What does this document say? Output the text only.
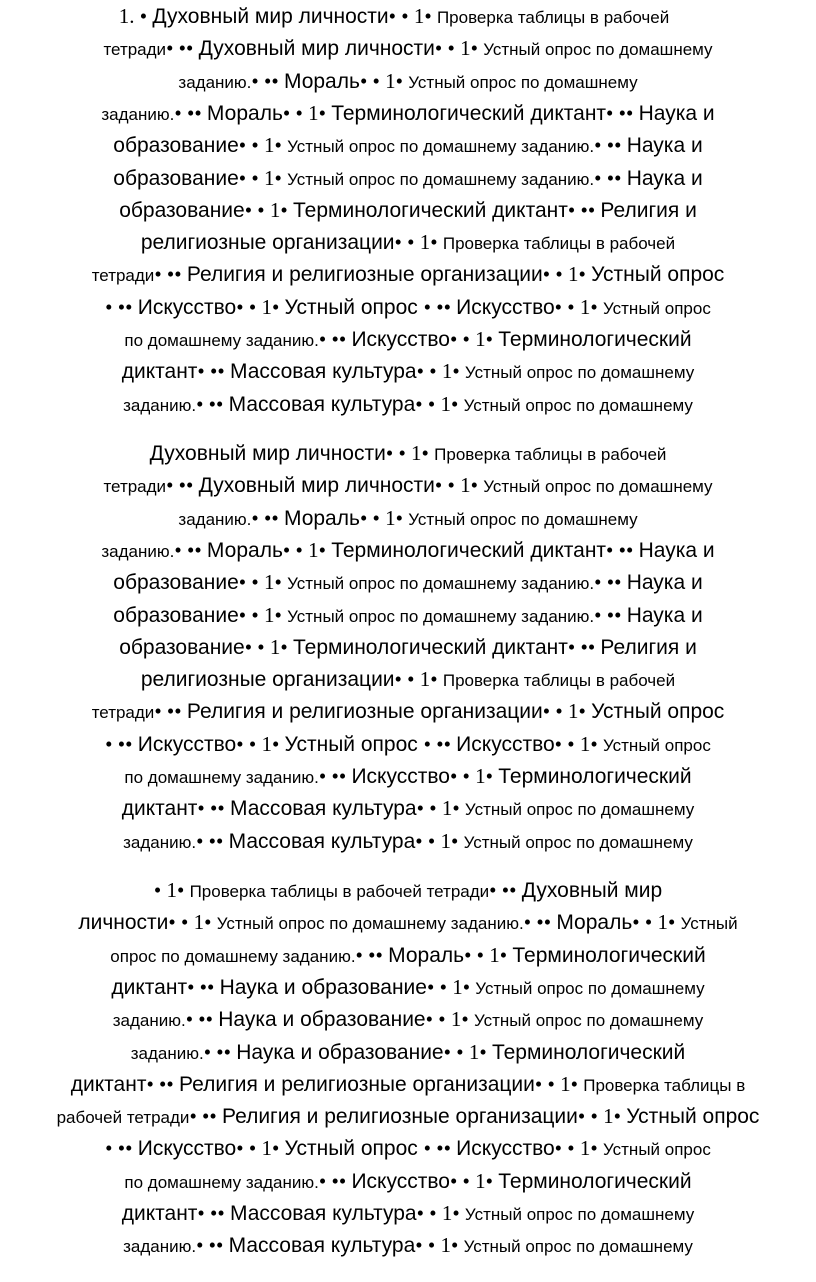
1. • Духовный мир личности• • 1• Проверка таблицы в рабочей
тетради• •• Духовный мир личности• • 1• Устный опрос по домашнему
заданию.• •• Мораль• • 1• Устный опрос по домашнему
заданию.• •• Мораль• • 1• Терминологический диктант• •• Наука и
образование• • 1• Устный опрос по домашнему заданию.• •• Наука и
образование• • 1• Устный опрос по домашнему заданию.• •• Наука и
образование• • 1• Терминологический диктант• •• Религия и
религиозные организации• • 1• Проверка таблицы в рабочей
тетради• •• Религия и религиозные организации• • 1• Устный опрос
• •• Искусство• • 1• Устный опрос • •• Искусство• • 1• Устный опрос
по домашнему заданию.• •• Искусство• • 1• Терминологический
диктант• •• Массовая культура• • 1• Устный опрос по домашнему
заданию.• •• Массовая культура• • 1• Устный опрос по домашнему
Духовный мир личности• • 1• Проверка таблицы в рабочей
тетради• •• Духовный мир личности• • 1• Устный опрос по домашнему
заданию.• •• Мораль• • 1• Устный опрос по домашнему
заданию.• •• Мораль• • 1• Терминологический диктант• •• Наука и
образование• • 1• Устный опрос по домашнему заданию.• •• Наука и
образование• • 1• Устный опрос по домашнему заданию.• •• Наука и
образование• • 1• Терминологический диктант• •• Религия и
религиозные организации• • 1• Проверка таблицы в рабочей
тетради• •• Религия и религиозные организации• • 1• Устный опрос
• •• Искусство• • 1• Устный опрос • •• Искусство• • 1• Устный опрос
по домашнему заданию.• •• Искусство• • 1• Терминологический
диктант• •• Массовая культура• • 1• Устный опрос по домашнему
заданию.• •• Массовая культура• • 1• Устный опрос по домашнему
• 1• Проверка таблицы в рабочей тетради• •• Духовный мир
личности• • 1• Устный опрос по домашнему заданию.• •• Мораль• • 1• Устный
опрос по домашнему заданию.• •• Мораль• • 1• Терминологический
диктант• •• Наука и образование• • 1• Устный опрос по домашнему
заданию.• •• Наука и образование• • 1• Устный опрос по домашнему
заданию.• •• Наука и образование• • 1• Терминологический
диктант• •• Религия и религиозные организации• • 1• Проверка таблицы в
рабочей тетради• •• Религия и религиозные организации• • 1• Устный опрос
• •• Искусство• • 1• Устный опрос • •• Искусство• • 1• Устный опрос
по домашнему заданию.• •• Искусство• • 1• Терминологический
диктант• •• Массовая культура• • 1• Устный опрос по домашнему
заданию.• •• Массовая культура• • 1• Устный опрос по домашнему
